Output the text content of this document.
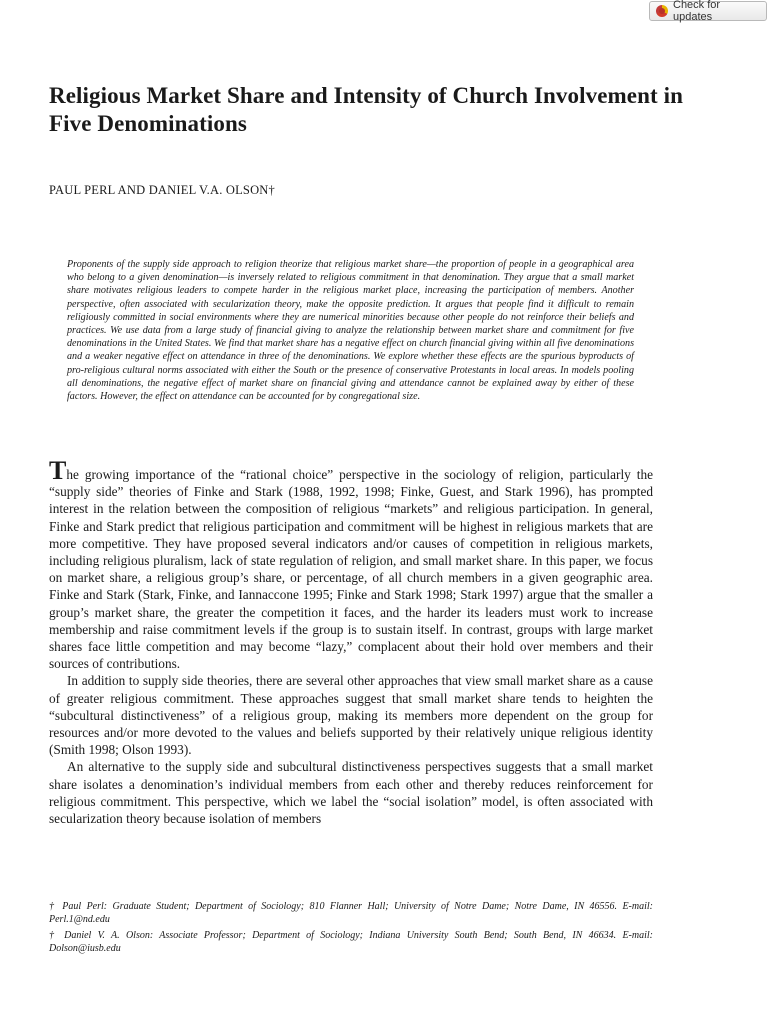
Check for updates
Religious Market Share and Intensity of Church Involvement in Five Denominations

PAUL PERL AND DANIEL V.A. OLSON†

Proponents of the supply side approach to religion theorize that religious market share—the proportion of people in a geographical area who belong to a given denomination—is inversely related to religious commitment in that denomination. They argue that a small market share motivates religious leaders to compete harder in the religious market place, increasing the participation of members. Another perspective, often associated with secularization theory, make the opposite prediction. It argues that people find it difficult to remain religiously committed in social environments where they are numerical minorities because other people do not reinforce their beliefs and practices. We use data from a large study of financial giving to analyze the relationship between market share and commitment for five denominations in the United States. We find that market share has a negative effect on church financial giving within all five denominations and a weaker negative effect on attendance in three of the denominations. We explore whether these effects are the spurious byproducts of pro-religious cultural norms associated with either the South or the presence of conservative Protestants in local areas. In models pooling all denominations, the negative effect of market share on financial giving and attendance cannot be explained away by either of these factors. However, the effect on attendance can be accounted for by congregational size.

The growing importance of the “rational choice” perspective in the sociology of religion, particularly the “supply side” theories of Finke and Stark (1988, 1992, 1998; Finke, Guest, and Stark 1996), has prompted interest in the relation between the composition of religious “markets” and religious participation. In general, Finke and Stark predict that religious participation and commitment will be highest in religious markets that are more competitive. They have proposed several indicators and/or causes of competition in religious markets, including religious pluralism, lack of state regulation of religion, and small market share. In this paper, we focus on market share, a religious group’s share, or percentage, of all church members in a given geographic area. Finke and Stark (Stark, Finke, and Iannaccone 1995; Finke and Stark 1998; Stark 1997) argue that the smaller a group’s market share, the greater the competition it faces, and the harder its leaders must work to increase membership and raise commitment levels if the group is to sustain itself. In contrast, groups with large market shares face little competition and may become “lazy,” complacent about their hold over members and their sources of contributions.

In addition to supply side theories, there are several other approaches that view small market share as a cause of greater religious commitment. These approaches suggest that small market share tends to heighten the “subcultural distinctiveness” of a religious group, making its members more dependent on the group for resources and/or more devoted to the values and beliefs supported by their relatively unique religious identity (Smith 1998; Olson 1993).

An alternative to the supply side and subcultural distinctiveness perspectives suggests that a small market share isolates a denomination’s individual members from each other and thereby reduces reinforcement for religious commitment. This perspective, which we label the “social isolation” model, is often associated with secularization theory because isolation of members

† Paul Perl: Graduate Student; Department of Sociology; 810 Flanner Hall; University of Notre Dame; Notre Dame, IN 46556. E-mail: Perl.1@nd.edu

† Daniel V. A. Olson: Associate Professor; Department of Sociology; Indiana University South Bend; South Bend, IN 46634. E-mail: Dolson@iusb.edu
